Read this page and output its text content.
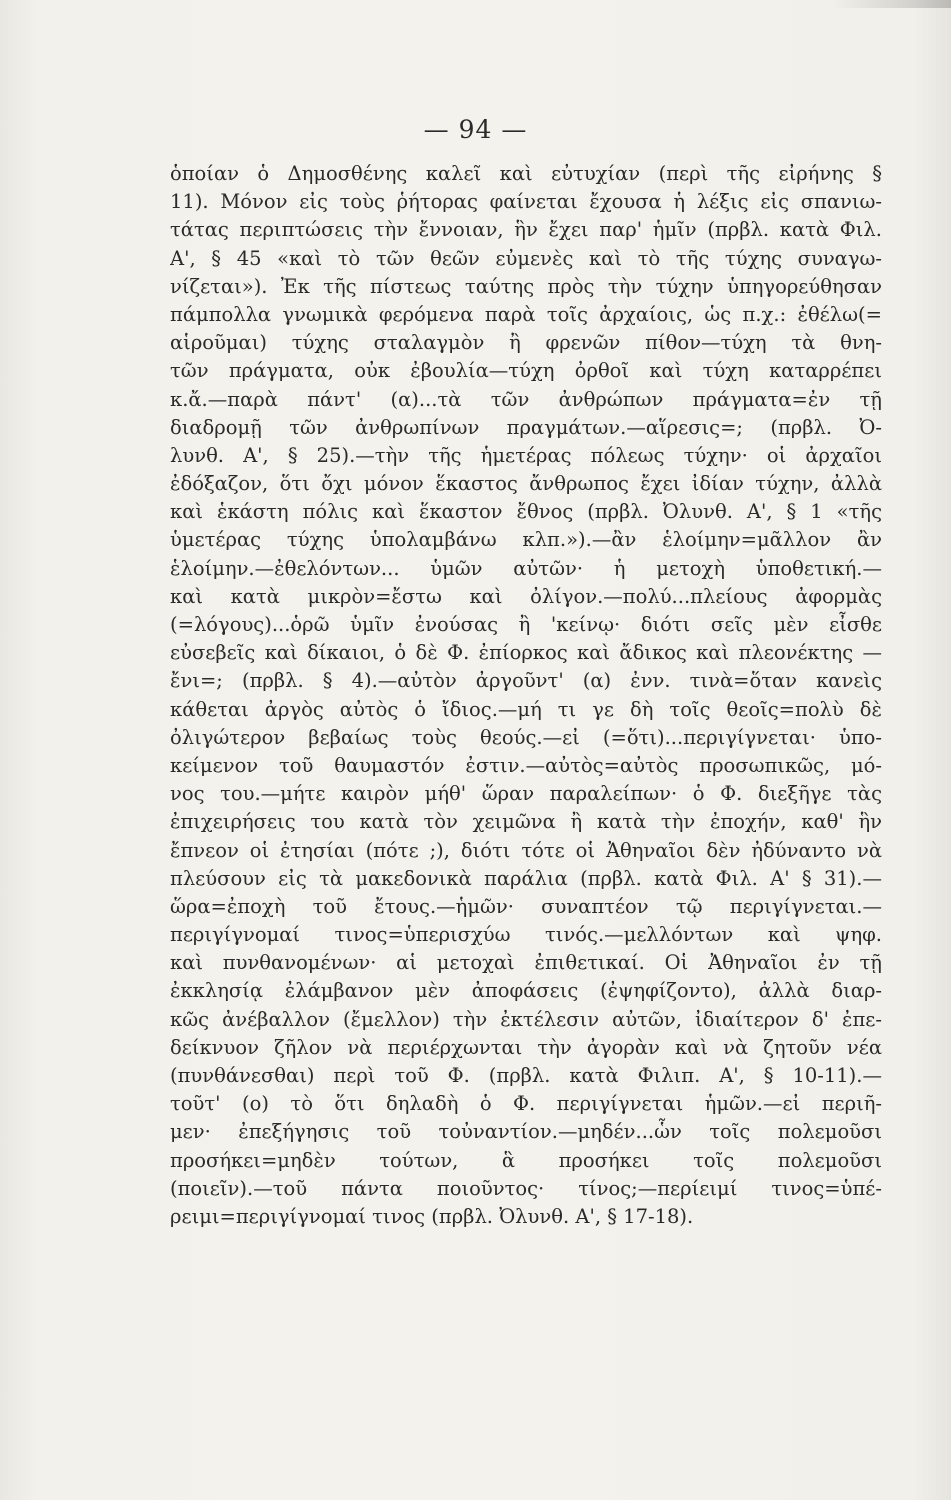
— 94 —
ὁποίαν ὁ Δημοσθένης καλεῖ καὶ εὐτυχίαν (περὶ τῆς εἰρήνης §
11). Μόνον εἰς τοὺς ῥήτορας φαίνεται ἔχουσα ἡ λέξις εἰς σπανιω-
τάτας περιπτώσεις τὴν ἔννοιαν, ἣν ἔχει παρ' ἡμῖν (πρβλ. κατὰ Φιλ.
Α', § 45 «καὶ τὸ τῶν θεῶν εὐμενὲς καὶ τὸ τῆς τύχης συναγω-
νίζεται»). Ἐκ τῆς πίστεως ταύτης πρὸς τὴν τύχην ὑπηγορεύθησαν
πάμπολλα γνωμικὰ φερόμενα παρὰ τοῖς ἀρχαίοις, ὡς π.χ.: ἐθέλω(=
αἱροῦμαι) τύχης σταλαγμὸν ἢ φρενῶν πίθον—τύχη τὰ θνη-
τῶν πράγματα, οὐκ ἐβουλία—τύχη ὀρθοῖ καὶ τύχη καταρρέπει
κ.ἄ.—παρὰ πάντ' (α)...τὰ τῶν ἀνθρώπων πράγματα=ἐν τῇ
διαδρομῇ τῶν ἀνθρωπίνων πραγμάτων.—αἵρεσις=; (πρβλ. Ὀ-
λυνθ. Α', § 25).—τὴν τῆς ἡμετέρας πόλεως τύχην· οἱ ἀρχαῖοι
ἐδόξαζον, ὅτι ὄχι μόνον ἕκαστος ἄνθρωπος ἔχει ἰδίαν τύχην, ἀλλὰ
καὶ ἑκάστη πόλις καὶ ἕκαστον ἔθνος (πρβλ. Ὀλυνθ. Α', § 1 «τῆς
ὑμετέρας τύχης ὑπολαμβάνω κλπ.»).—ἂν ἑλοίμην=μᾶλλον ἂν
ἑλοίμην.—ἐθελόντων... ὑμῶν αὐτῶν· ἡ μετοχὴ ὑποθετική.—
καὶ κατὰ μικρὸν=ἔστω καὶ ὀλίγον.—πολύ...πλείους ἀφορμὰς
(=λόγους)...ὁρῶ ὑμῖν ἐνούσας ἢ 'κείνῳ· διότι σεῖς μὲν εἶσθε
εὐσεβεῖς καὶ δίκαιοι, ὁ δὲ Φ. ἐπίορκος καὶ ἄδικος καὶ πλεονέκτης —
ἔνι=; (πρβλ. § 4).—αὐτὸν ἀργοῦντ' (α) ἐνν. τινὰ=ὅταν κανεὶς
κάθεται ἀργὸς αὐτὸς ὁ ἴδιος.—μή τι γε δὴ τοῖς θεοῖς=πολὺ δὲ
ὀλιγώτερον βεβαίως τοὺς θεούς.—εἰ (=ὅτι)...περιγίγνεται· ὑπο-
κείμενον τοῦ θαυμαστόν ἐστιν.—αὐτὸς=αὐτὸς προσωπικῶς, μό-
νος του.—μήτε καιρὸν μήθ' ὥραν παραλείπων· ὁ Φ. διεξῆγε τὰς
ἐπιχειρήσεις του κατὰ τὸν χειμῶνα ἢ κατὰ τὴν ἐποχήν, καθ' ἣν
ἔπνεον οἱ ἐτησίαι (πότε ;), διότι τότε οἱ Ἀθηναῖοι δὲν ἠδύναντο νὰ
πλεύσουν εἰς τὰ μακεδονικὰ παράλια (πρβλ. κατὰ Φιλ. Α' § 31).—
ὥρα=ἐποχὴ τοῦ ἔτους.—ἡμῶν· συναπτέον τῷ περιγίγνεται.—
περιγίγνομαί τινος=ὑπερισχύω τινός.—μελλόντων καὶ ψηφ.
καὶ πυνθανομένων· αἱ μετοχαὶ ἐπιθετικαί. Οἱ Ἀθηναῖοι ἐν τῇ
ἐκκλησίᾳ ἐλάμβανον μὲν ἀποφάσεις (ἐψηφίζοντο), ἀλλὰ διαρ-
κῶς ἀνέβαλλον (ἔμελλον) τὴν ἐκτέλεσιν αὐτῶν, ἰδιαίτερον δ' ἐπε-
δείκνυον ζῆλον νὰ περιέρχωνται τὴν ἀγορὰν καὶ νὰ ζητοῦν νέα
(πυνθάνεσθαι) περὶ τοῦ Φ. (πρβλ. κατὰ Φιλιπ. Α', § 10-11).—
τοῦτ' (ο) τὸ ὅτι δηλαδὴ ὁ Φ. περιγίγνεται ἡμῶν.—εἰ περιῆ-
μεν· ἐπεξήγησις τοῦ τοὐναντίον.—μηδέν...ὧν τοῖς πολεμοῦσι
προσήκει=μηδὲν τούτων, ἃ προσήκει τοῖς πολεμοῦσι
(ποιεῖν).—τοῦ πάντα ποιοῦντος· τίνος;—περίειμί τινος=ὑπέ-
ρειμι=περιγίγνομαί τινος (πρβλ. Ὀλυνθ. Α', § 17-18).
